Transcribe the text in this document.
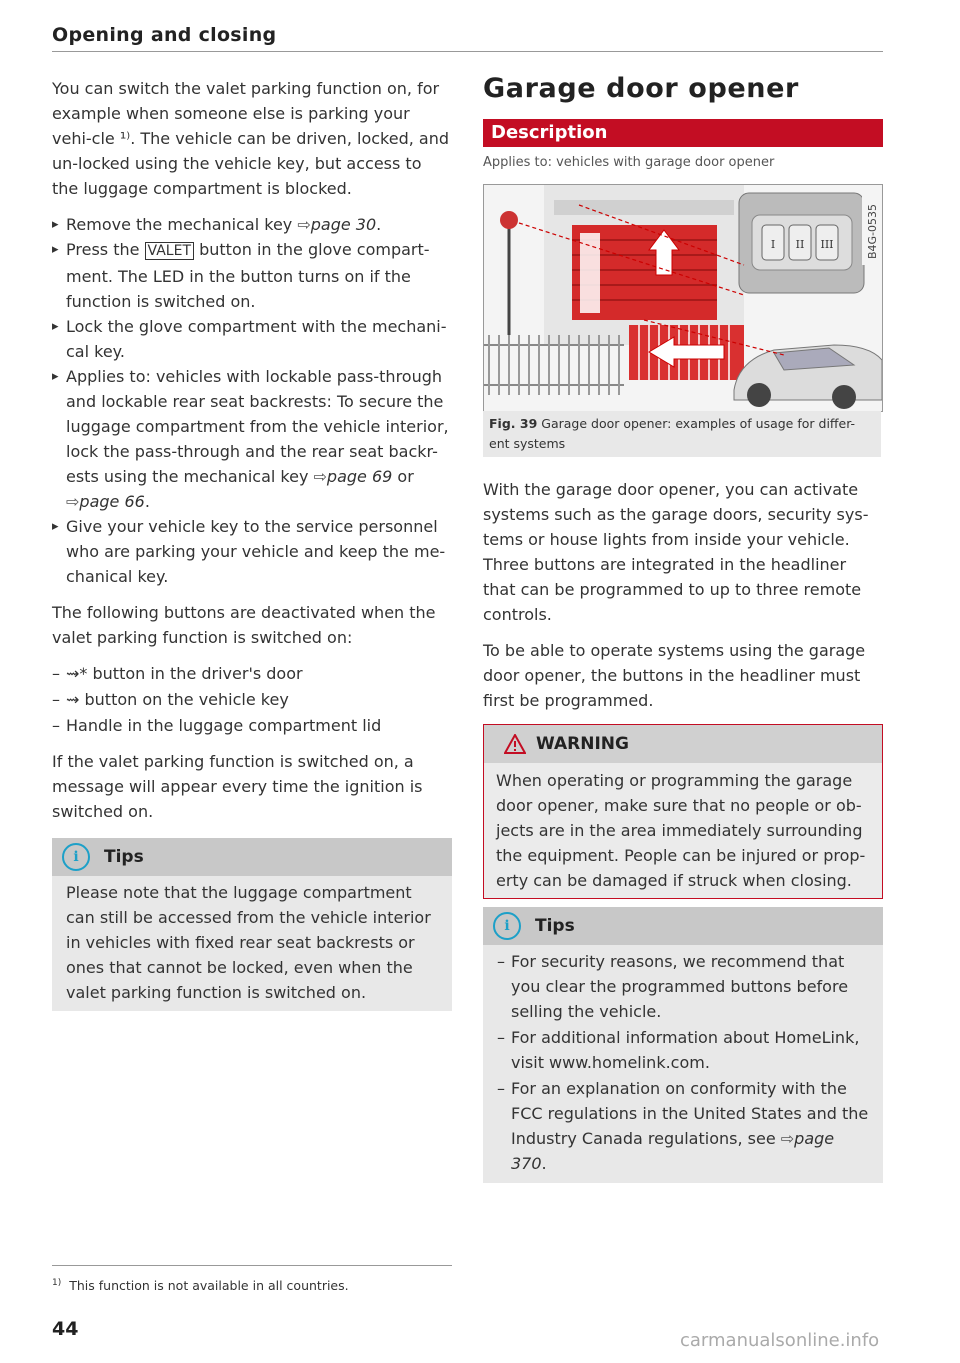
Opening and closing

You can switch the valet parking function on, for example when someone else is parking your vehi-cle ¹⁾. The vehicle can be driven, locked, and un-locked using the vehicle key, but access to the luggage compartment is blocked.

▸ Remove the mechanical key ⇨page 30.
▸ Press the VALET button in the glove compart-ment. The LED in the button turns on if the function is switched on.
▸ Lock the glove compartment with the mechani-cal key.
▸ Applies to: vehicles with lockable pass-through and lockable rear seat backrests: To secure the luggage compartment from the vehicle interior, lock the pass-through and the rear seat backr-ests using the mechanical key ⇨page 69 or ⇨page 66.
▸ Give your vehicle key to the service personnel who are parking your vehicle and keep the me-chanical key.

The following buttons are deactivated when the valet parking function is switched on:

– ⇝* button in the driver's door
– ⇝ button on the vehicle key
– Handle in the luggage compartment lid

If the valet parking function is switched on, a message will appear every time the ignition is switched on.

i	Tips
Please note that the luggage compartment can still be accessed from the vehicle interior in vehicles with fixed rear seat backrests or ones that cannot be locked, even when the valet parking function is switched on.
Garage door opener
Description
Applies to: vehicles with garage door opener
I II III	B4G-0535
Fig. 39 Garage door opener: examples of usage for differ-ent systems

With the garage door opener, you can activate systems such as the garage doors, security sys-tems or house lights from inside your vehicle. Three buttons are integrated in the headliner that can be programmed to up to three remote controls.

To be able to operate systems using the garage door opener, the buttons in the headliner must first be programmed.

WARNING
When operating or programming the garage door opener, make sure that no people or ob-jects are in the area immediately surrounding the equipment. People can be injured or prop-erty can be damaged if struck when closing.
i	Tips
– For security reasons, we recommend that you clear the programmed buttons before selling the vehicle.
– For additional information about HomeLink, visit www.homelink.com.
– For an explanation on conformity with the FCC regulations in the United States and the Industry Canada regulations, see ⇨page 370.
$^{1)}$ This function is not available in all countries.
44
carmanualsonline.info
